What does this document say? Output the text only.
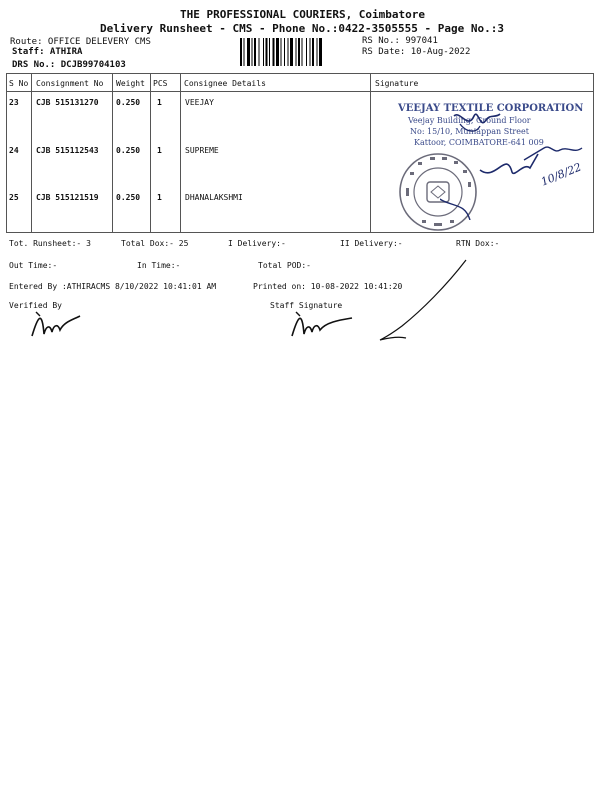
THE PROFESSIONAL COURIERS, Coimbatore
Delivery Runsheet - CMS - Phone No.:0422-3505555 - Page No.:3
Route: OFFICE DELEVERY CMS
Staff: ATHIRA
DRS No.: DCJB99704103
RS No.: 997041
RS Date: 10-Aug-2022
S No Consignment No Weight PCS Consignee Details	Signature
23 CJB 515131270 0.250 1	VEEJAY
24 CJB 515112543 0.250 1	SUPREME
25 CJB 515121519 0.250 1	DHANALAKSHMI
VEEJAY TEXTILE CORPORATION
Veejay Building, Ground Floor
No: 15/10, Muniappan Street
Kattoor, COIMBATORE-641 009
10/8/22
Tot. Runsheet:- 3	Total Dox:- 25	I Delivery:-	II Delivery:-	RTN Dox:-
Out Time:-	In Time:-	Total POD:-
Entered By :ATHIRACMS 8/10/2022 10:41:01 AM	Printed on: 10-08-2022 10:41:20
Verified By	Staff Signature
